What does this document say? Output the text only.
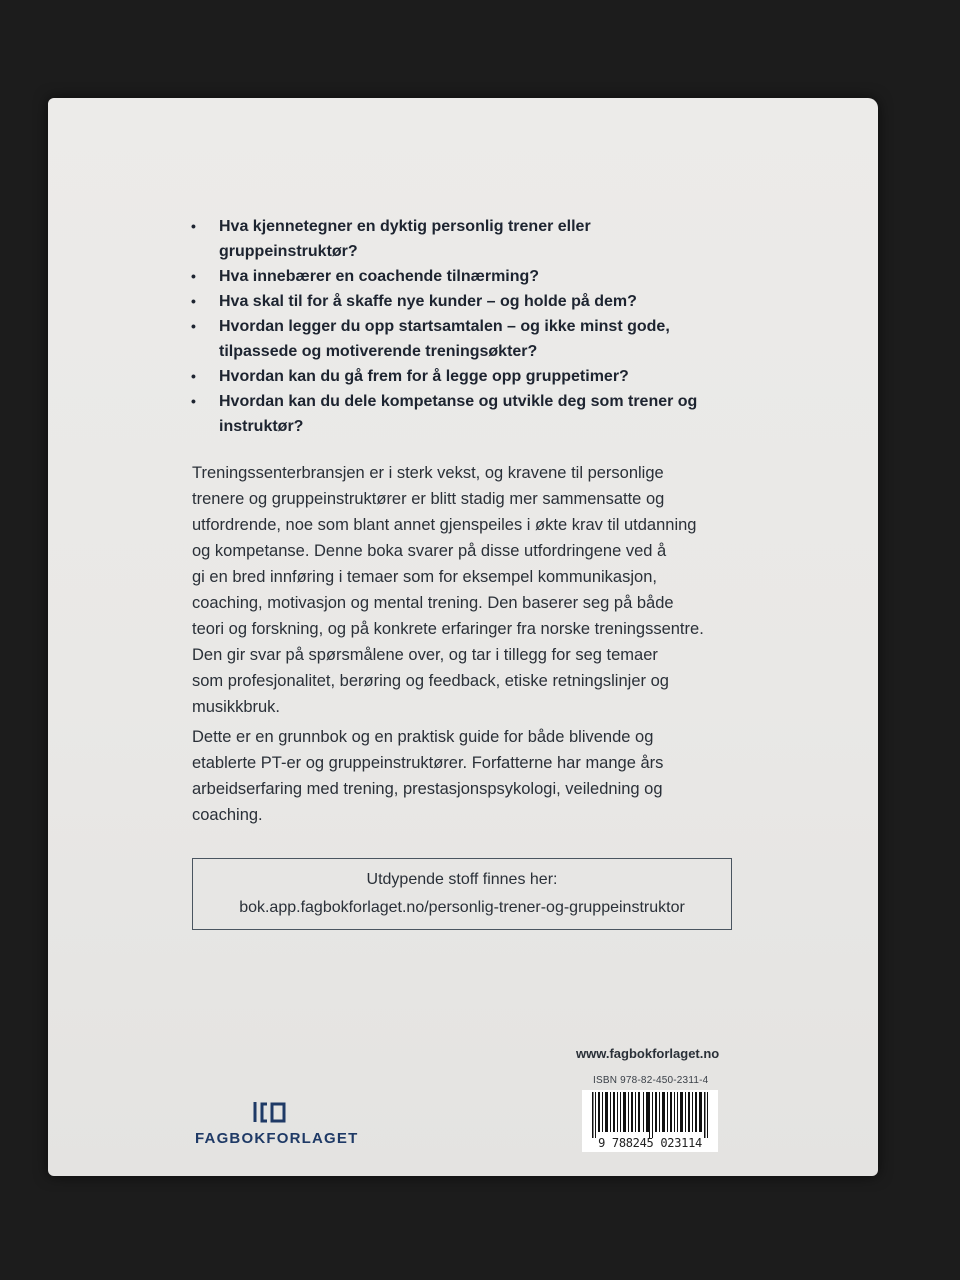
• Hva kjennetegner en dyktig personlig trener eller gruppeinstruktør?
• Hva innebærer en coachende tilnærming?
• Hva skal til for å skaffe nye kunder – og holde på dem?
• Hvordan legger du opp startsamtalen – og ikke minst gode, tilpassede og motiverende treningsøkter?
• Hvordan kan du gå frem for å legge opp gruppetimer?
• Hvordan kan du dele kompetanse og utvikle deg som trener og instruktør?
Treningssenterbransjen er i sterk vekst, og kravene til personlige
trenere og gruppeinstruktører er blitt stadig mer sammensatte og
utfordrende, noe som blant annet gjenspeiles i økte krav til utdanning
og kompetanse. Denne boka svarer på disse utfordringene ved å
gi en bred innføring i temaer som for eksempel kommunikasjon,
coaching, motivasjon og mental trening. Den baserer seg på både
teori og forskning, og på konkrete erfaringer fra norske treningssentre.
Den gir svar på spørsmålene over, og tar i tillegg for seg temaer
som profesjonalitet, berøring og feedback, etiske retningslinjer og
musikkbruk.
Dette er en grunnbok og en praktisk guide for både blivende og
etablerte PT-er og gruppeinstruktører. Forfatterne har mange års
arbeidserfaring med trening, prestasjonspsykologi, veiledning og
coaching.
Utdypende stoff finnes her:
bok.app.fagbokforlaget.no/personlig-trener-og-gruppeinstruktor
www.fagbokforlaget.no
ISBN 978-82-450-2311-4
9 788245 023114
FAGBOKFORLAGET
